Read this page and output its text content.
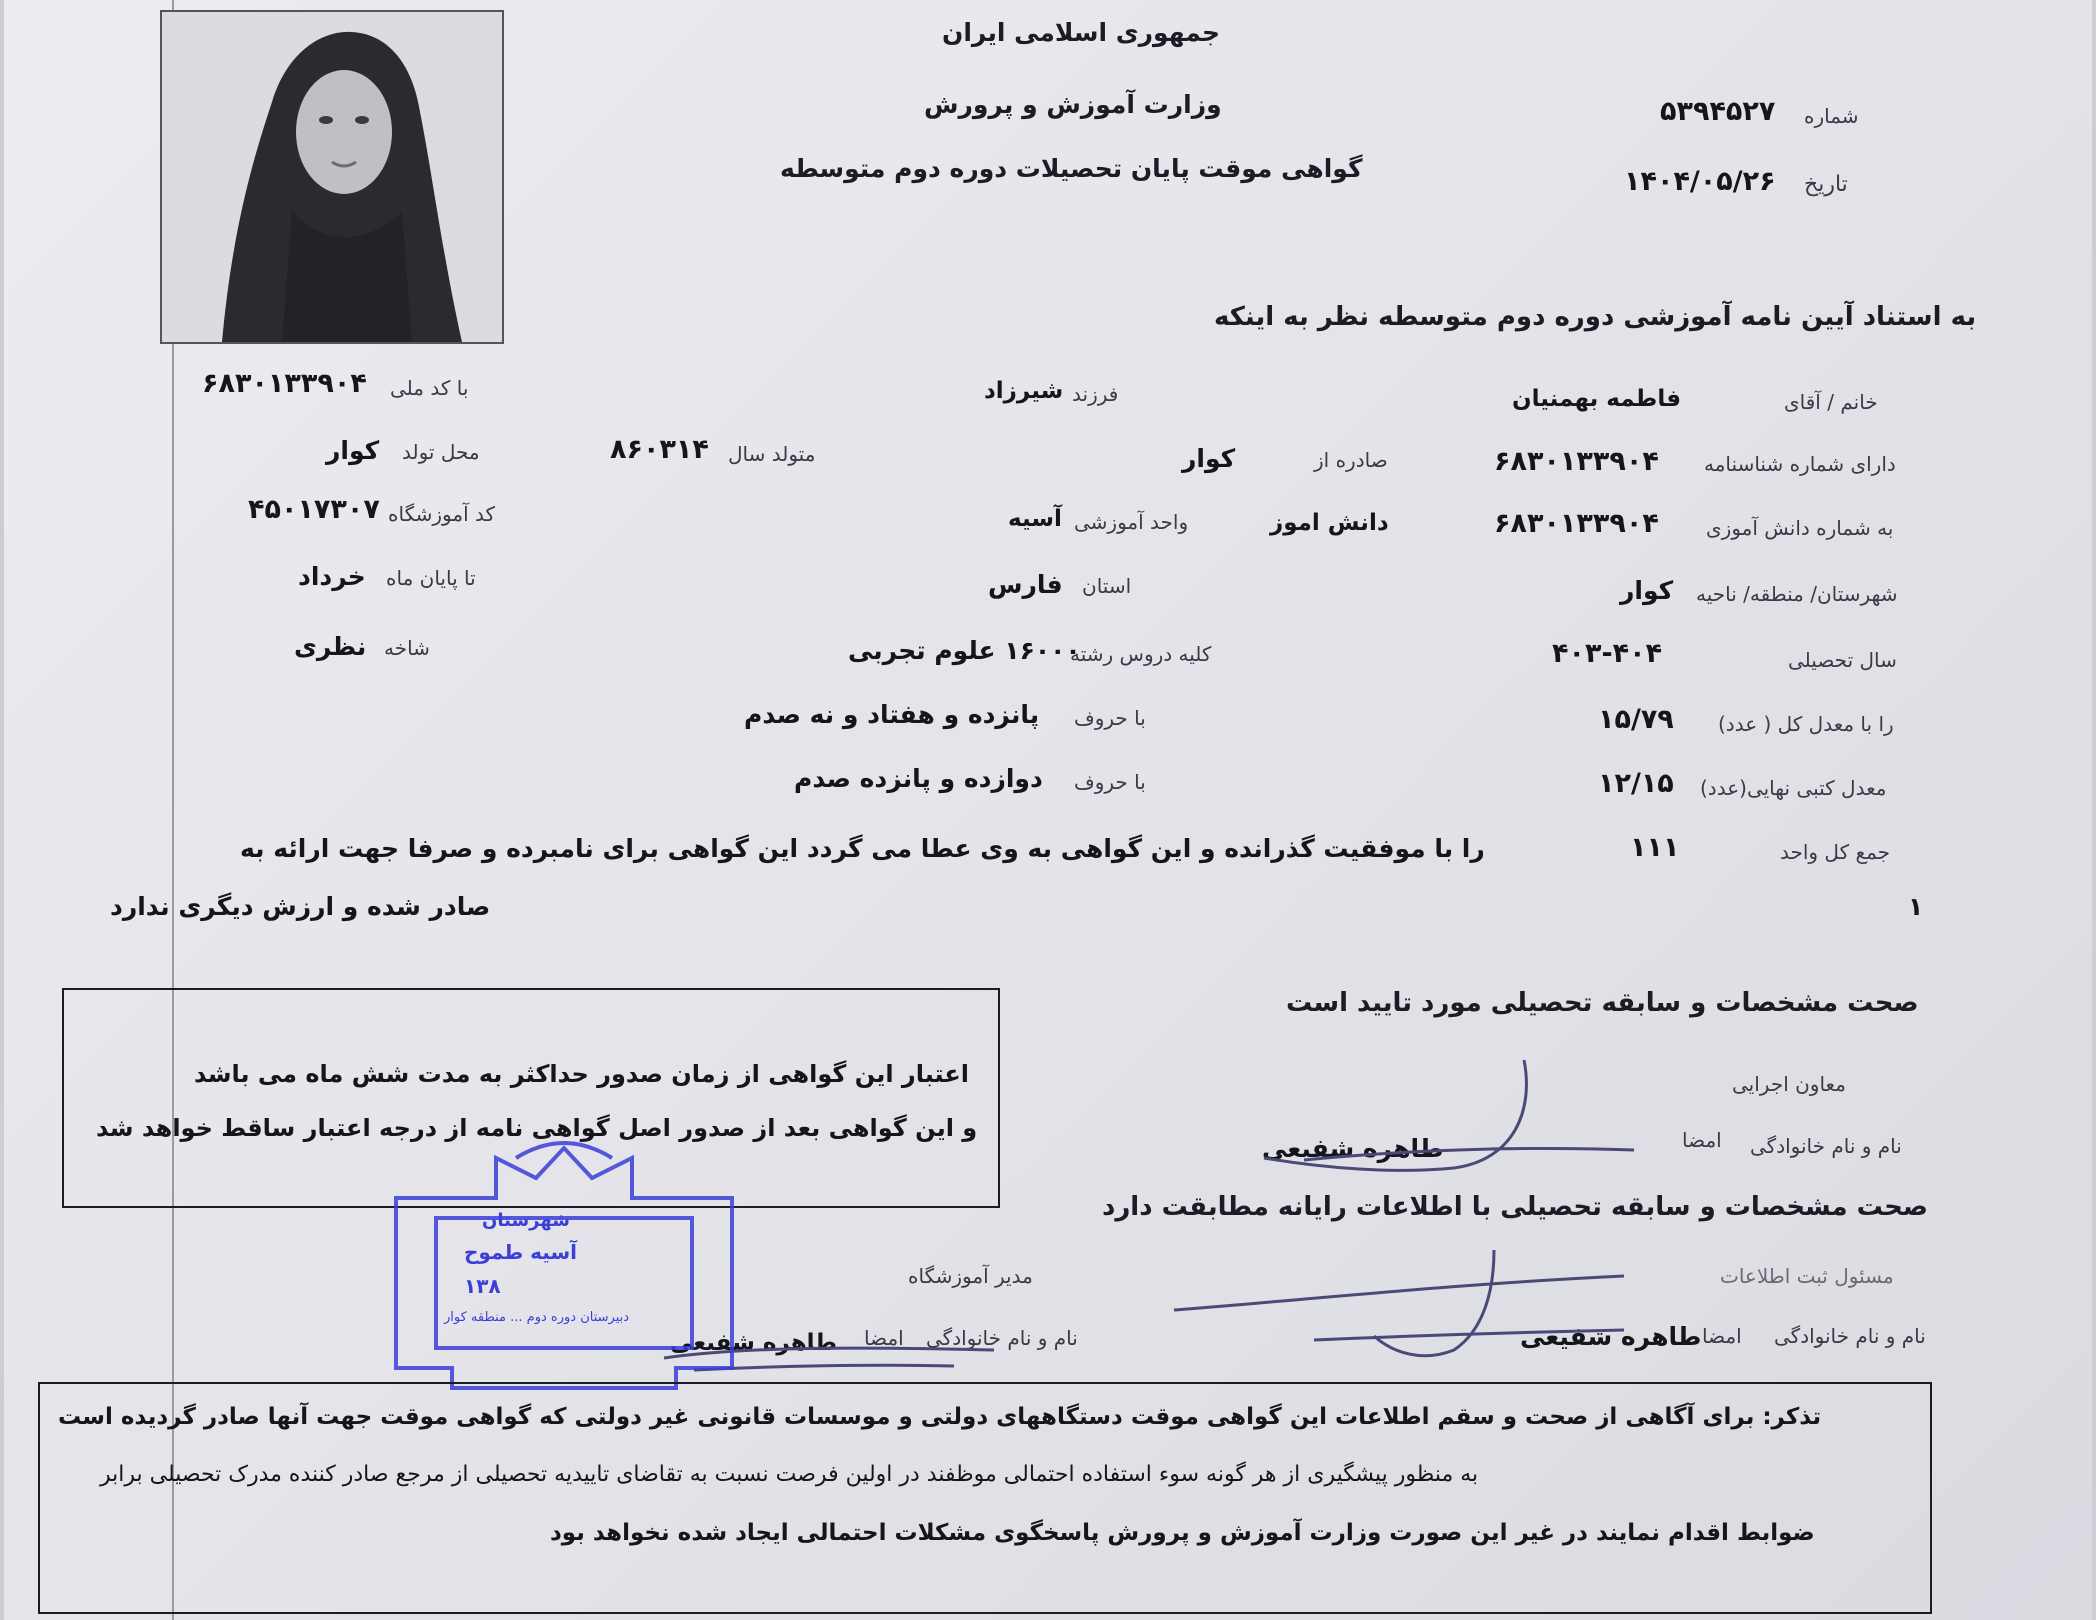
جمهوری اسلامی ایران
وزارت آموزش و پرورش
گواهی موقت پایان تحصیلات دوره دوم متوسطه
شماره
۵۳۹۴۵۲۷
تاریخ
۱۴۰۴/۰۵/۲۶
به استناد آیین نامه آموزشی دوره دوم متوسطه نظر به اینکه
خانم / آقای
فاطمه بهمنیان
فرزند
شیرزاد
با کد ملی
۶۸۳۰۱۳۳۹۰۴
دارای شماره شناسنامه
۶۸۳۰۱۳۳۹۰۴
صادره از
کوار
متولد سال
۸۶۰۳۱۴
محل تولد
کوار
به شماره دانش آموزی
۶۸۳۰۱۳۳۹۰۴
دانش اموز
واحد آموزشی
آسیه
کد آموزشگاه
۴۵۰۱۷۳۰۷
شهرستان/ منطقه/ ناحیه
کوار
استان
فارس
تا پایان ماه
خرداد
سال تحصیلی
۴۰۳-۴۰۴
کلیه دروس رشته
۱۶۰۰۰ علوم تجربی
شاخه
نظری
را با معدل کل ( عدد)
۱۵/۷۹
با حروف
پانزده و هفتاد و نه صدم
معدل کتبی نهایی(عدد)
۱۲/۱۵
با حروف
دوازده و پانزده صدم
جمع کل واحد
۱۱۱
را با موفقیت گذرانده و این گواهی به وی عطا می گردد این گواهی برای نامبرده و صرفا جهت ارائه به
۱
صادر شده و ارزش دیگری ندارد
اعتبار این گواهی از زمان صدور حداکثر به مدت شش ماه می باشد
و این گواهی بعد از صدور اصل گواهی نامه از درجه اعتبار ساقط خواهد شد
صحت مشخصات و سابقه تحصیلی مورد تایید است
معاون اجرایی
نام و نام خانوادگی
امضا
طاهره شفیعی
صحت مشخصات و سابقه تحصیلی با اطلاعات رایانه مطابقت دارد
مسئول ثبت اطلاعات
نام و نام خانوادگی
امضا
طاهره شفیعی
مدیر آموزشگاه
نام و نام خانوادگی
امضا
طاهره شفیعی
شهرستان
آسیه طموح
۱۳۸
دبیرستان دوره دوم ... منطقه کوار
تذکر: برای آگاهی از صحت و سقم اطلاعات این گواهی موقت دستگاههای دولتی و موسسات قانونی غیر دولتی که گواهی موقت جهت آنها صادر گردیده است
به منظور پیشگیری از هر گونه سوء استفاده احتمالی موظفند در اولین فرصت نسبت به تقاضای تاییدیه تحصیلی از مرجع صادر کننده مدرک تحصیلی برابر
ضوابط اقدام نمایند در غیر این صورت وزارت آموزش و پرورش پاسخگوی مشکلات احتمالی ایجاد شده نخواهد بود
